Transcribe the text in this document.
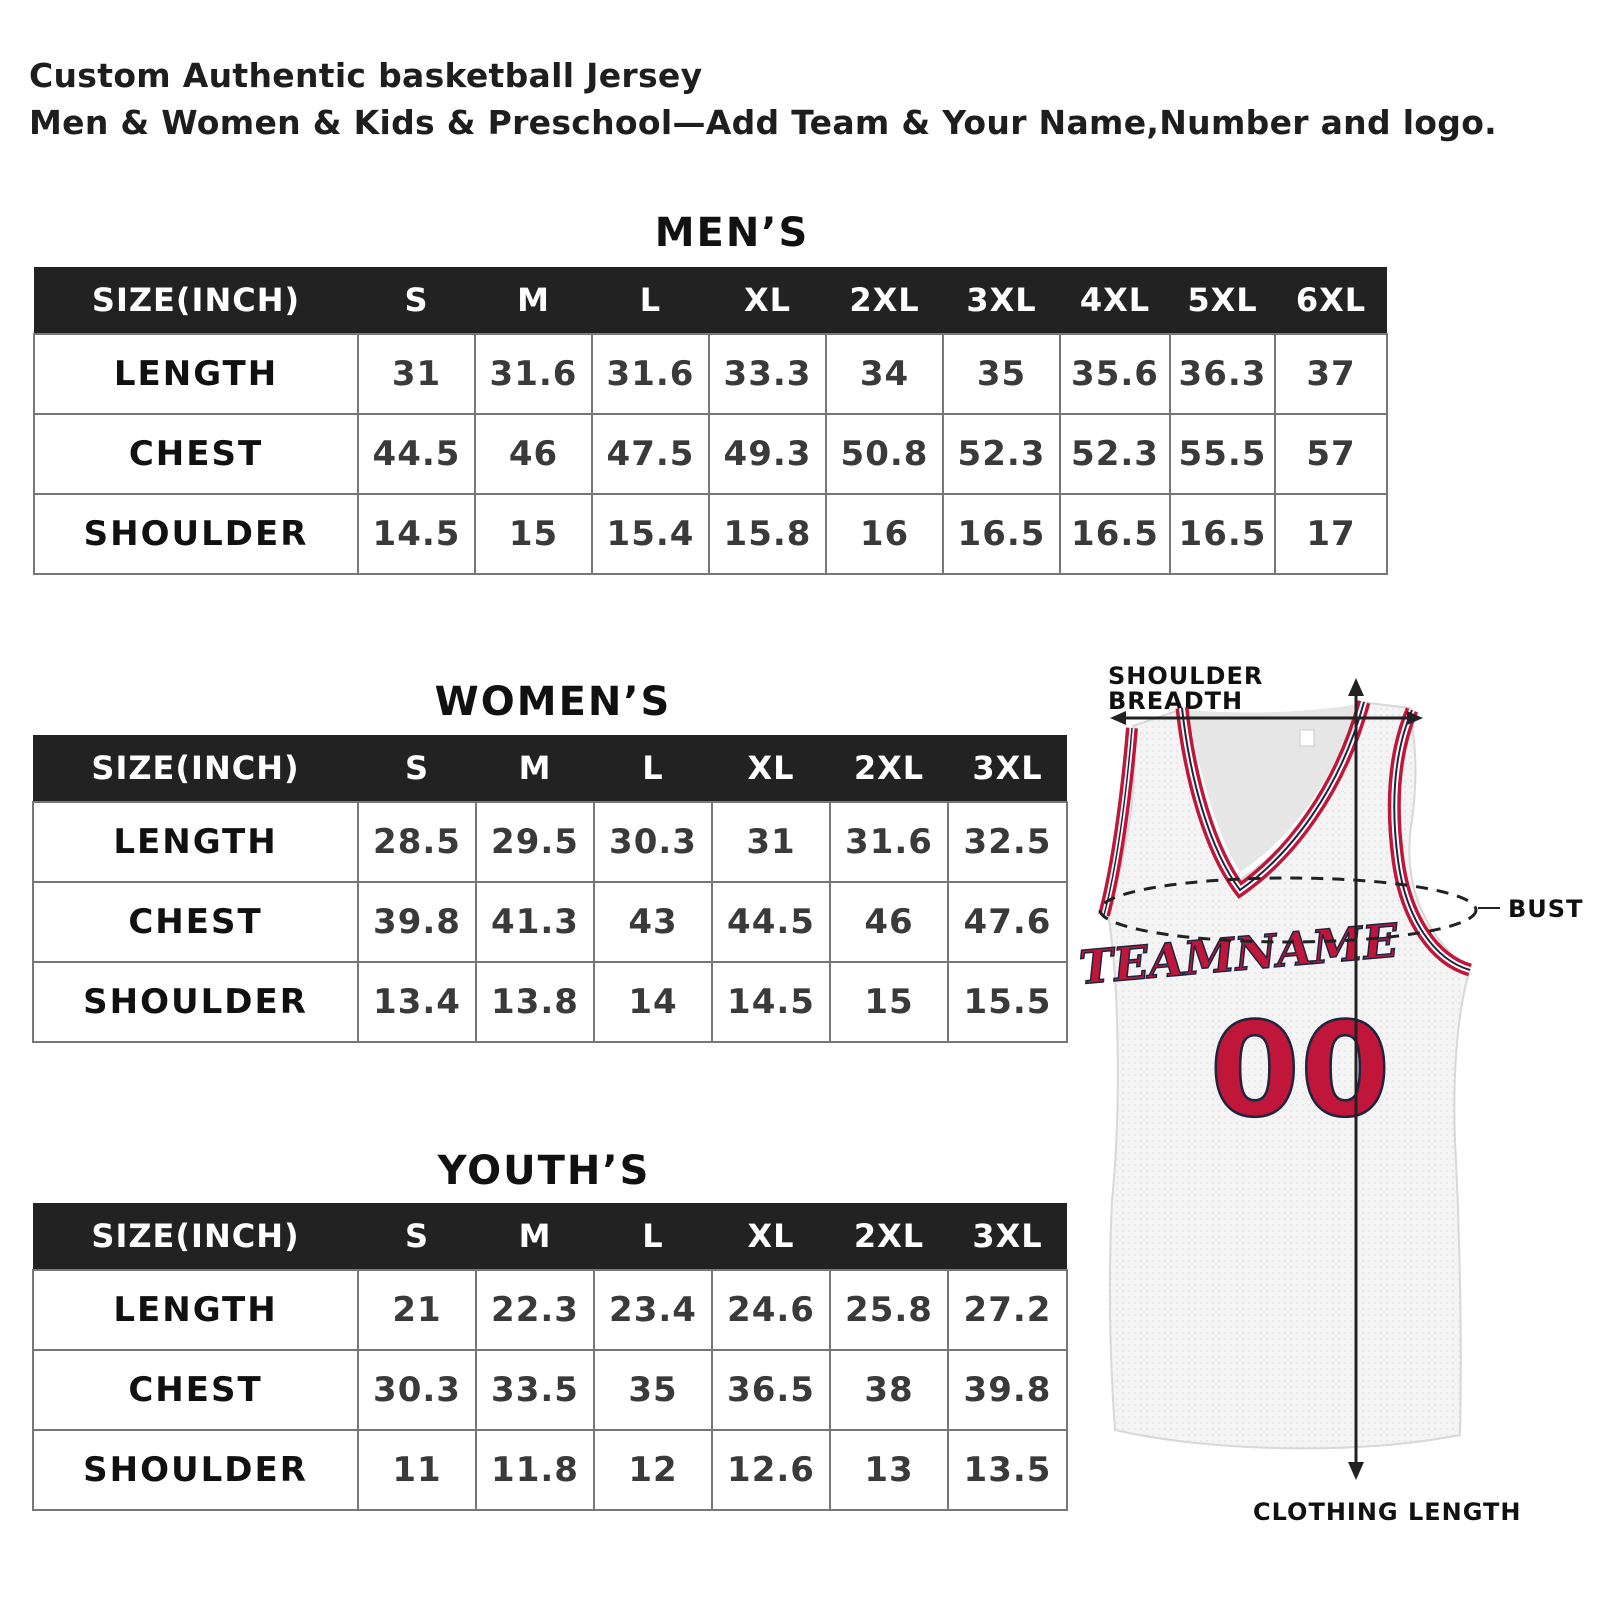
Custom Authentic basketball Jersey
Men & Women & Kids & Preschool—Add Team & Your Name,Number and logo.
MEN’S
SIZE(INCH)	S	M	L	XL	2XL	3XL	4XL	5XL	6XL
LENGTH	31	31.6	31.6	33.3	34	35	35.6	36.3	37
CHEST	44.5	46	47.5	49.3	50.8	52.3	52.3	55.5	57
SHOULDER	14.5	15	15.4	15.8	16	16.5	16.5	16.5	17
WOMEN’S
SIZE(INCH)	S	M	L	XL	2XL	3XL
LENGTH	28.5	29.5	30.3	31	31.6	32.5
CHEST	39.8	41.3	43	44.5	46	47.6
SHOULDER	13.4	13.8	14	14.5	15	15.5
YOUTH’S
SIZE(INCH)	S	M	L	XL	2XL	3XL
LENGTH	21	22.3	23.4	24.6	25.8	27.2
CHEST	30.3	33.5	35	36.5	38	39.8
SHOULDER	11	11.8	12	12.6	13	13.5
SHOULDER
BREADTH
BUST
CLOTHING LENGTH
TEAMNAME
00
